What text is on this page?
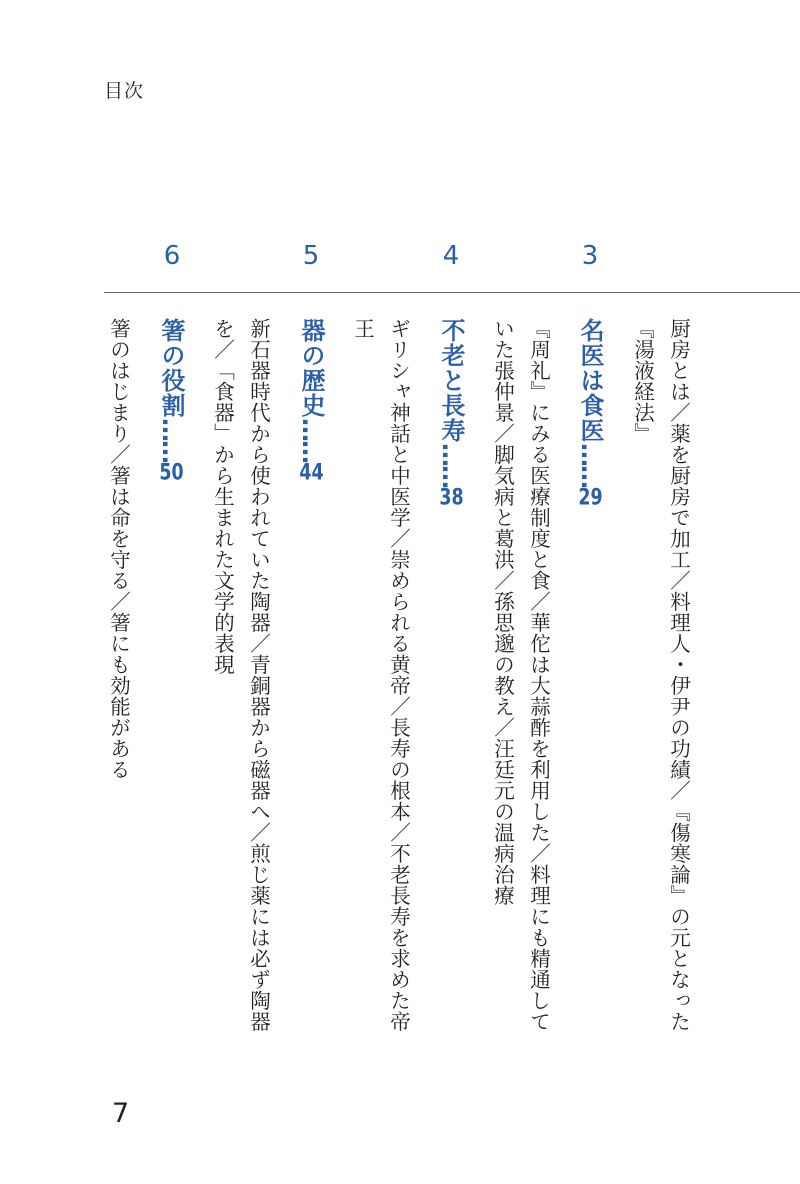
目次
3
4
5
6
厨房とは／薬を厨房で加工／料理人・伊尹の功績／『傷寒論』の元となった
『湯液経法』
名医は食医……29
『周礼』にみる医療制度と食／華佗は大蒜酢を利用した／料理にも精通して
いた張仲景／脚気病と葛洪／孫思邈の教え／汪廷元の温病治療
不老と長寿……38
ギリシャ神話と中医学／崇められる黄帝／長寿の根本／不老長寿を求めた帝
王
器の歴史……44
新石器時代から使われていた陶器／青銅器から磁器へ／煎じ薬には必ず陶器
を／「食器」から生まれた文学的表現
箸の役割……50
箸のはじまり／箸は命を守る／箸にも効能がある
7
